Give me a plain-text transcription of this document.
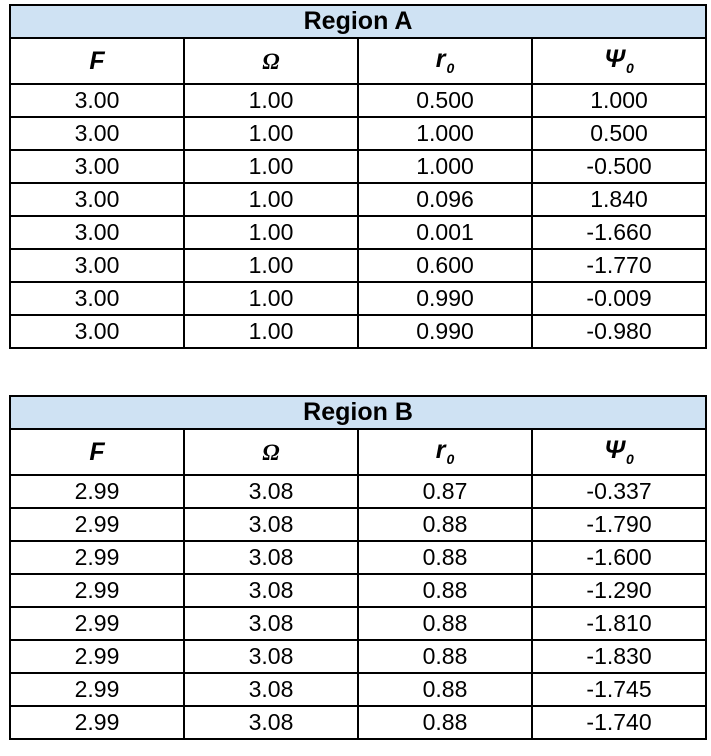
Region A			
F	Ω	$r_0$	$\Psi_0$
3.00	1.00	0.500	1.000
3.00	1.00	1.000	0.500
3.00	1.00	1.000	-0.500
3.00	1.00	0.096	1.840
3.00	1.00	0.001	-1.660
3.00	1.00	0.600	-1.770
3.00	1.00	0.990	-0.009
3.00	1.00	0.990	-0.980
Region B			
F	Ω	$r_0$	$\Psi_0$
2.99	3.08	0.87	-0.337
2.99	3.08	0.88	-1.790
2.99	3.08	0.88	-1.600
2.99	3.08	0.88	-1.290
2.99	3.08	0.88	-1.810
2.99	3.08	0.88	-1.830
2.99	3.08	0.88	-1.745
2.99	3.08	0.88	-1.740
